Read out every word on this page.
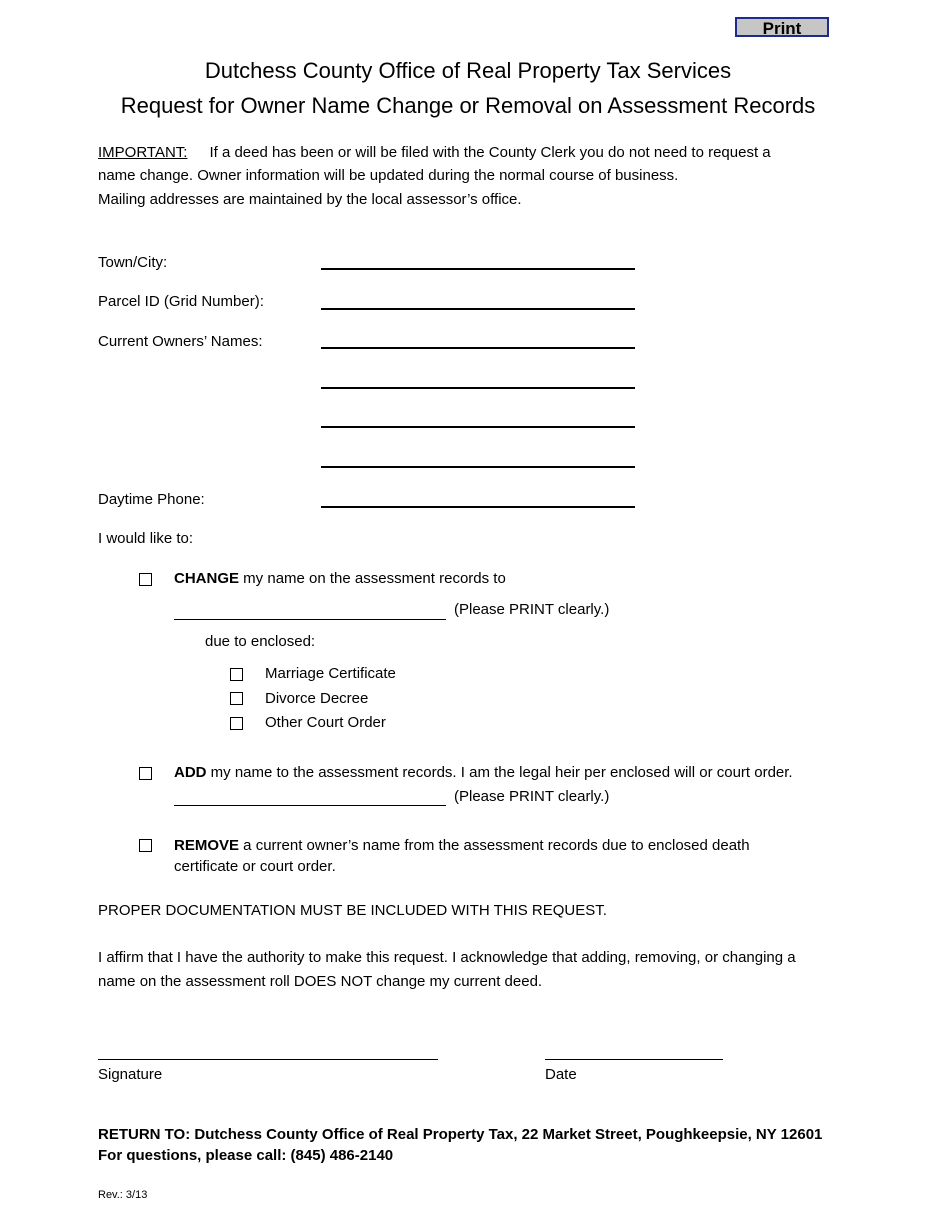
Print
Dutchess County Office of Real Property Tax Services
Request for Owner Name Change or Removal on Assessment Records
IMPORTANT: If a deed has been or will be filed with the County Clerk you do not need to request a
name change. Owner information will be updated during the normal course of business.
Mailing addresses are maintained by the local assessor’s office.
Town/City:
Parcel ID (Grid Number):
Current Owners’ Names:
Daytime Phone:
I would like to:
CHANGE my name on the assessment records to
(Please PRINT clearly.)
due to enclosed:
Marriage Certificate
Divorce Decree
Other Court Order
ADD my name to the assessment records. I am the legal heir per enclosed will or court order.
(Please PRINT clearly.)
REMOVE a current owner’s name from the assessment records due to enclosed death
certificate or court order.
PROPER DOCUMENTATION MUST BE INCLUDED WITH THIS REQUEST.
I affirm that I have the authority to make this request. I acknowledge that adding, removing, or changing a
name on the assessment roll DOES NOT change my current deed.
Signature	Date
RETURN TO: Dutchess County Office of Real Property Tax, 22 Market Street, Poughkeepsie, NY 12601
For questions, please call: (845) 486-2140
Rev.: 3/13
